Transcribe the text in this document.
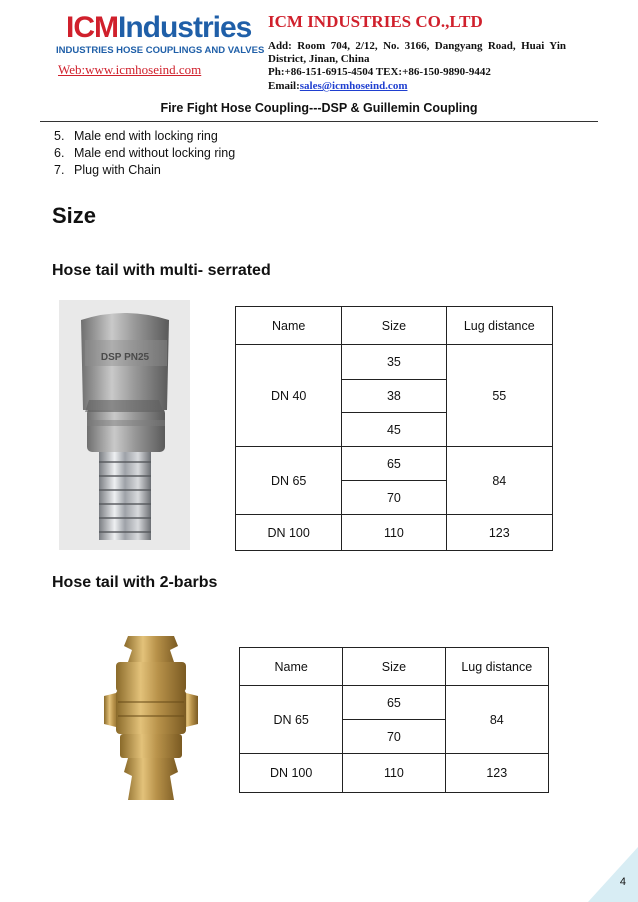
ICMIndustries
INDUSTRIES HOSE COUPLINGS AND VALVES
Web:www.icmhoseind.com
ICM INDUSTRIES CO.,LTD
Add: Room 704, 2/12, No. 3166, Dangyang Road, Huai Yin District, Jinan, China
Ph:+86-151-6915-4504 TEX:+86-150-9890-9442
Email:sales@icmhoseind.com
Fire Fight Hose Coupling---DSP & Guillemin Coupling
5. Male end with locking ring
6. Male end without locking ring
7. Plug with Chain
Size
Hose tail with multi- serrated
DSP PN25
Name	Size	Lug distance
DN 40	35	55
	38	
	45	
DN 65	65	84
	70	
DN 100	110	123
Hose tail with 2-barbs
Name	Size	Lug distance
DN 65	65	84
	70	
DN 100	110	123
4
